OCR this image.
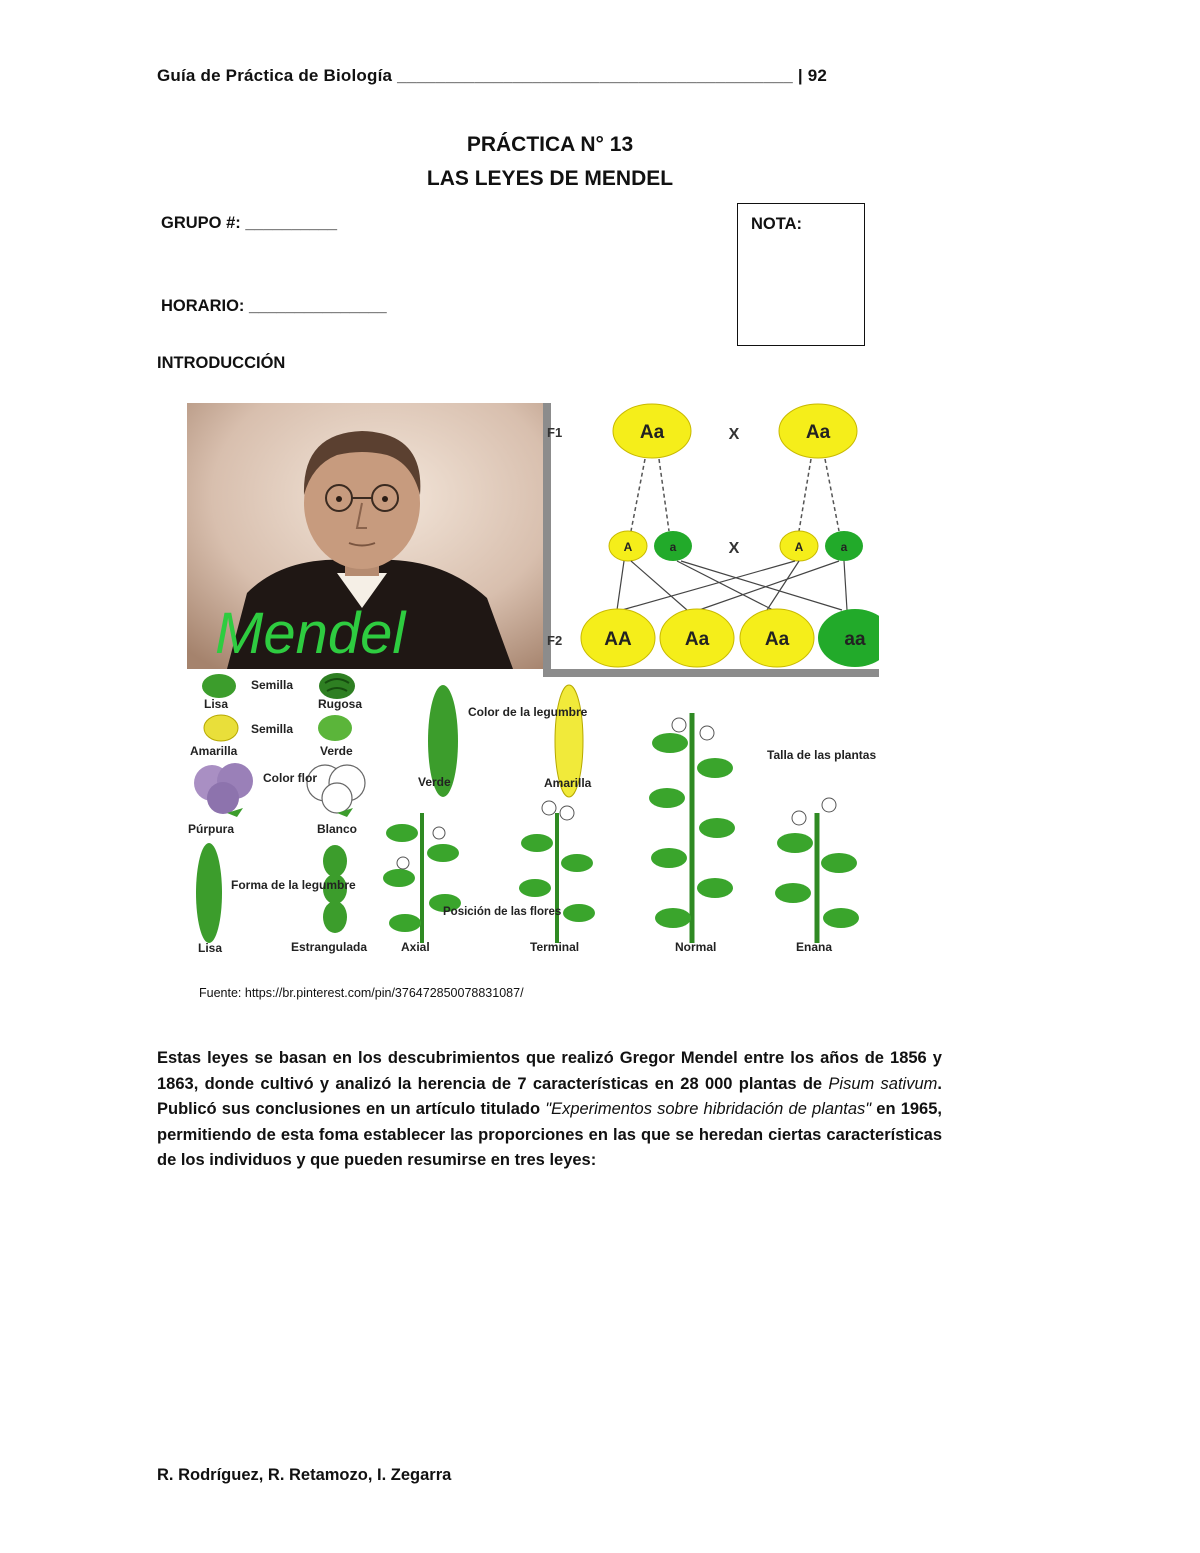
Guía de Práctica de Biología _________________________________________ | 92
PRÁCTICA N° 13
LAS LEYES DE MENDEL
GRUPO #: __________
HORARIO: _______________
NOTA:
INTRODUCCIÓN
Mendel
F1
F2
Aa	X	Aa
A	a	X	A	a
AA	Aa	Aa	aa
Semilla
Lisa	Rugosa
Semilla
Amarilla	Verde
Color flor
Púrpura	Blanco
Color de la legumbre
Verde	Amarilla
Forma de la legumbre
Lisa	Estrangulada
Posición de las flores
Axial	Terminal
Talla de las plantas
Normal	Enana
Fuente: https://br.pinterest.com/pin/376472850078831087/
Estas leyes se basan en los descubrimientos que realizó Gregor Mendel entre los años de 1856 y 1863, donde cultivó y analizó la herencia de 7 características en 28 000 plantas de Pisum sativum. Publicó sus conclusiones en un artículo titulado "Experimentos sobre hibridación de plantas" en 1965, permitiendo de esta foma establecer las proporciones en las que se heredan ciertas características de los individuos y que pueden resumirse en tres leyes:
R. Rodríguez, R. Retamozo, I. Zegarra
